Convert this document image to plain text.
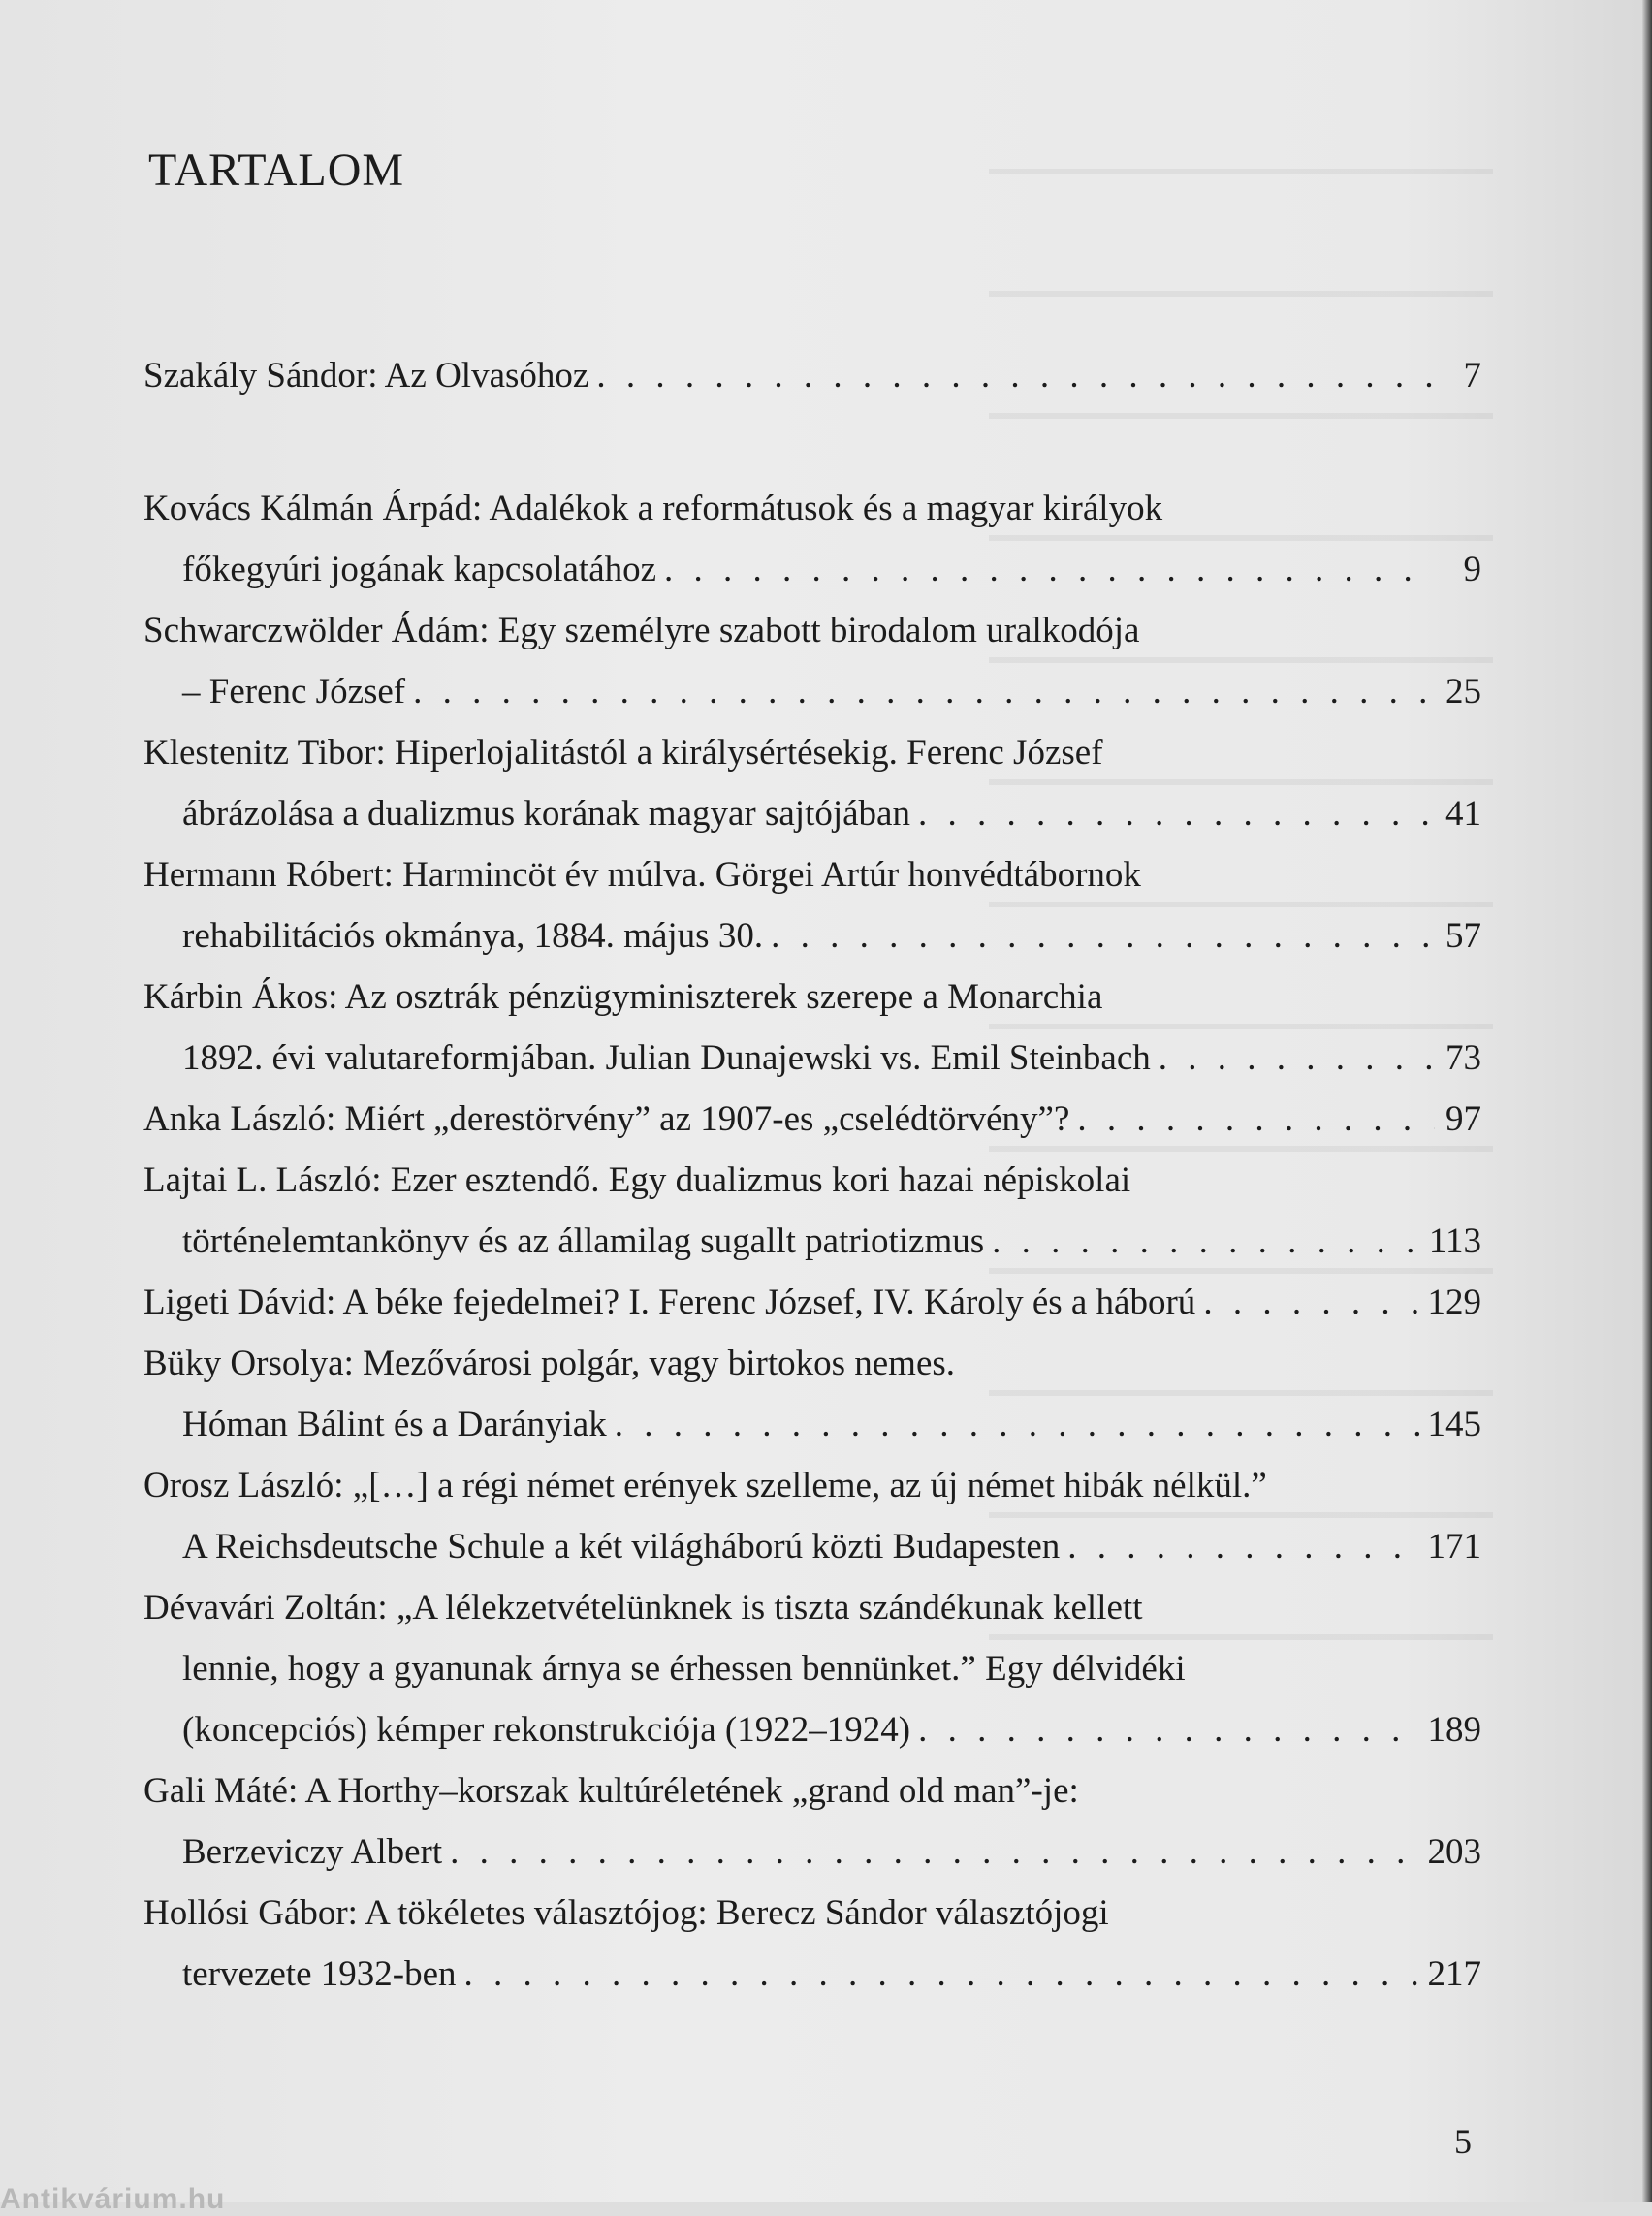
TARTALOM
Szakály Sándor: Az Olvasóhoz . . .	7
Kovács Kálmán Árpád: Adalékok a reformátusok és a magyar királyok
főkegyúri jogának kapcsolatához . . .	9
Schwarczwölder Ádám: Egy személyre szabott birodalom uralkodója
– Ferenc József . . .	25
Klestenitz Tibor: Hiperlojalitástól a királysértésekig. Ferenc József
ábrázolása a dualizmus korának magyar sajtójában . . .	41
Hermann Róbert: Harmincöt év múlva. Görgei Artúr honvédtábornok
rehabilitációs okmánya, 1884. május 30. . . .	57
Kárbin Ákos: Az osztrák pénzügyminiszterek szerepe a Monarchia
1892. évi valutareformjában. Julian Dunajewski vs. Emil Steinbach . . .	73
Anka László: Miért „derestörvény” az 1907-es „cselédtörvény”? . . .	97
Lajtai L. László: Ezer esztendő. Egy dualizmus kori hazai népiskolai
történelemtankönyv és az államilag sugallt patriotizmus . . .	113
Ligeti Dávid: A béke fejedelmei? I. Ferenc József, IV. Károly és a háború . . .	129
Büky Orsolya: Mezővárosi polgár, vagy birtokos nemes.
Hóman Bálint és a Darányiak . . .	145
Orosz László: „[…] a régi német erények szelleme, az új német hibák nélkül.”
A Reichsdeutsche Schule a két világháború közti Budapesten . . .	171
Dévavári Zoltán: „A lélekzetvételünknek is tiszta szándékunak kellett
lennie, hogy a gyanunak árnya se érhessen bennünket.” Egy délvidéki
(koncepciós) kémper rekonstrukciója (1922–1924) . . .	189
Gali Máté: A Horthy–korszak kultúréletének „grand old man”-je:
Berzeviczy Albert . . .	203
Hollósi Gábor: A tökéletes választójog: Berecz Sándor választójogi
tervezete 1932-ben . . .	217
5
Antikvárium.hu
